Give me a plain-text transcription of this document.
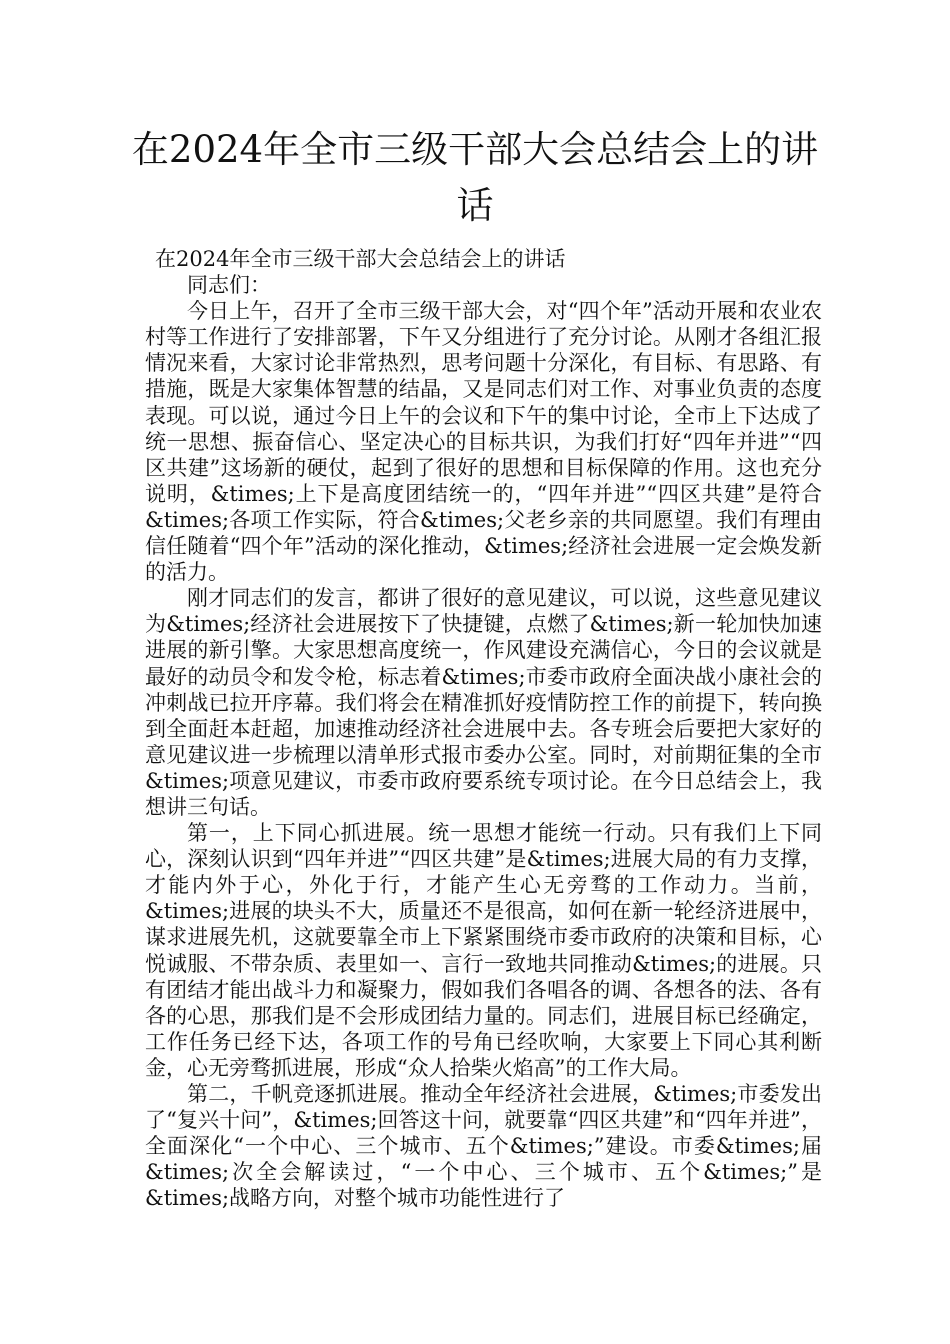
在2024年全市三级干部大会总结会上的讲话

在2024年全市三级干部大会总结会上的讲话

同志们：

今日上午，召开了全市三级干部大会，对“四个年”活动开展和农业农村等工作进行了安排部署，下午又分组进行了充分讨论。从刚才各组汇报情况来看，大家讨论非常热烈，思考问题十分深化，有目标、有思路、有措施，既是大家集体智慧的结晶，又是同志们对工作、对事业负责的态度表现。可以说，通过今日上午的会议和下午的集中讨论，全市上下达成了统一思想、振奋信心、坚定决心的目标共识，为我们打好“四年并进”“四区共建”这场新的硬仗，起到了很好的思想和目标保障的作用。这也充分说明，&times;上下是高度团结统一的，“四年并进”“四区共建”是符合&times;各项工作实际，符合&times;父老乡亲的共同愿望。我们有理由信任随着“四个年”活动的深化推动，&times;经济社会进展一定会焕发新的活力。

刚才同志们的发言，都讲了很好的意见建议，可以说，这些意见建议为&times;经济社会进展按下了快捷键，点燃了&times;新一轮加快加速进展的新引擎。大家思想高度统一，作风建设充满信心，今日的会议就是最好的动员令和发令枪，标志着&times;市委市政府全面决战小康社会的冲刺战已拉开序幕。我们将会在精准抓好疫情防控工作的前提下，转向换到全面赶本赶超，加速推动经济社会进展中去。各专班会后要把大家好的意见建议进一步梳理以清单形式报市委办公室。同时，对前期征集的全市&times;项意见建议，市委市政府要系统专项讨论。在今日总结会上，我想讲三句话。

第一，上下同心抓进展。统一思想才能统一行动。只有我们上下同心，深刻认识到“四年并进”“四区共建”是&times;进展大局的有力支撑，才能内外于心，外化于行，才能产生心无旁骛的工作动力。当前，&times;进展的块头不大，质量还不是很高，如何在新一轮经济进展中，谋求进展先机，这就要靠全市上下紧紧围绕市委市政府的决策和目标，心悦诚服、不带杂质、表里如一、言行一致地共同推动&times;的进展。只有团结才能出战斗力和凝聚力，假如我们各唱各的调、各想各的法、各有各的心思，那我们是不会形成团结力量的。同志们，进展目标已经确定，工作任务已经下达，各项工作的号角已经吹响，大家要上下同心其利断金，心无旁骛抓进展，形成“众人拾柴火焰高”的工作大局。

第二，千帆竞逐抓进展。推动全年经济社会进展，&times;市委发出了“复兴十问”，&times;回答这十问，就要靠“四区共建”和“四年并进”，全面深化“一个中心、三个城市、五个&times;”建设。市委&times;届&times;次全会解读过，“一个中心、三个城市、五个&times;”是&times;战略方向，对整个城市功能性进行了
